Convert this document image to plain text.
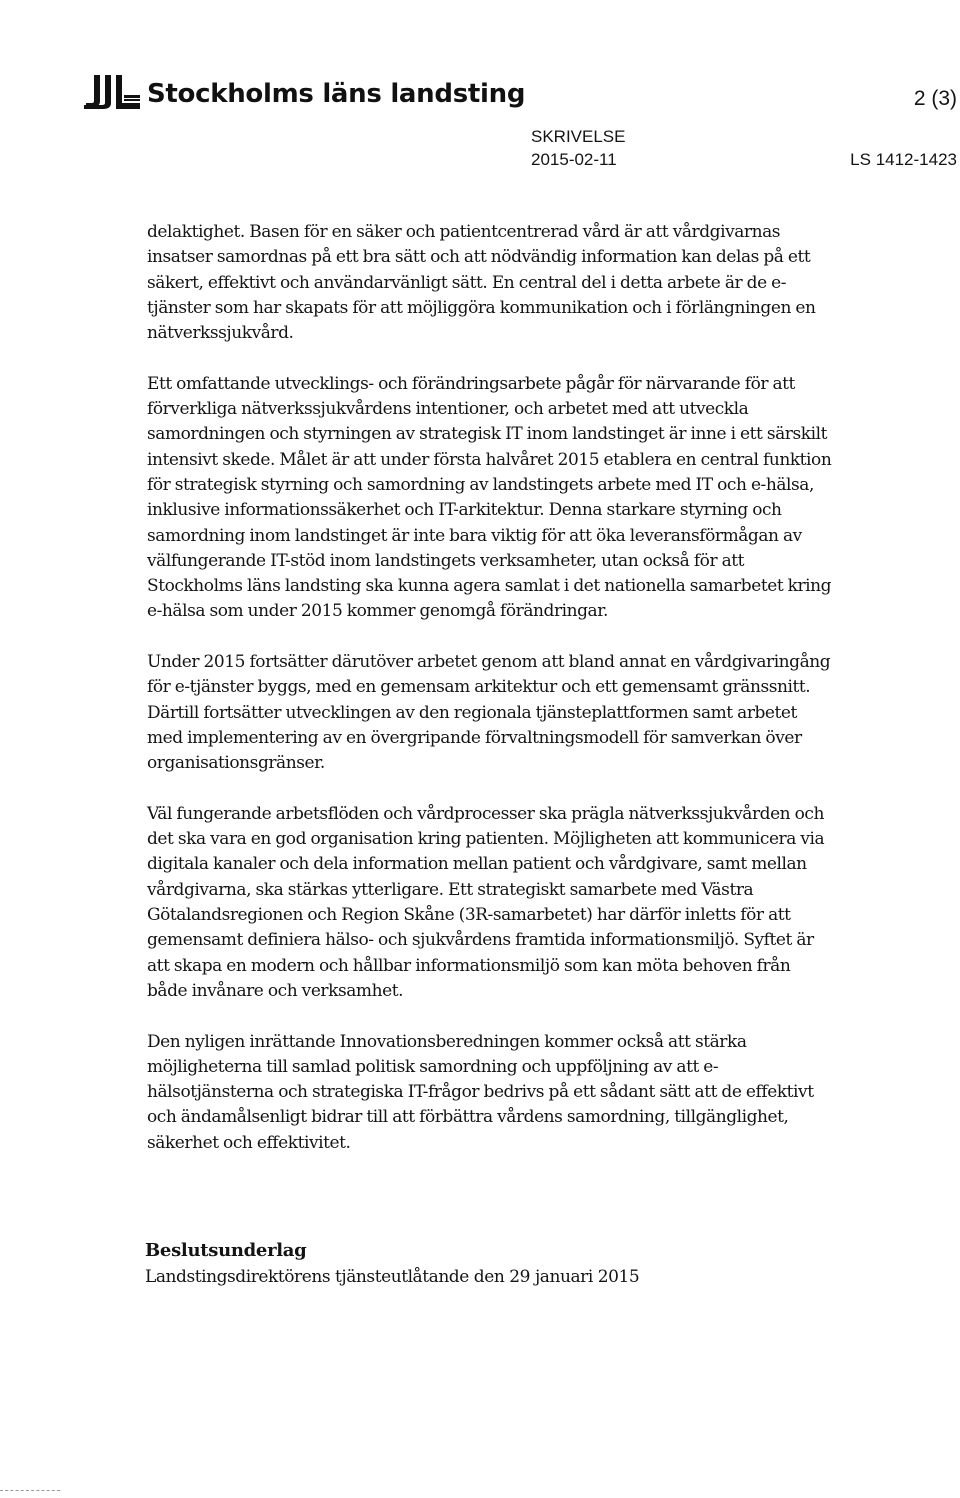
Stockholms läns landsting	2 (3)
SKRIVELSE
2015-02-11	LS 1412-1423

delaktighet. Basen för en säker och patientcentrerad vård är att vårdgivarnas insatser samordnas på ett bra sätt och att nödvändig information kan delas på ett säkert, effektivt och användarvänligt sätt. En central del i detta arbete är de e-tjänster som har skapats för att möjliggöra kommunikation och i förlängningen en nätverkssjukvård.

Ett omfattande utvecklings- och förändringsarbete pågår för närvarande för att förverkliga nätverkssjukvårdens intentioner, och arbetet med att utveckla samordningen och styrningen av strategisk IT inom landstinget är inne i ett särskilt intensivt skede. Målet är att under första halvåret 2015 etablera en central funktion för strategisk styrning och samordning av landstingets arbete med IT och e-hälsa, inklusive informationssäkerhet och IT-arkitektur. Denna starkare styrning och samordning inom landstinget är inte bara viktig för att öka leveransförmågan av välfungerande IT-stöd inom landstingets verksamheter, utan också för att Stockholms läns landsting ska kunna agera samlat i det nationella samarbetet kring e-hälsa som under 2015 kommer genomgå förändringar.

Under 2015 fortsätter därutöver arbetet genom att bland annat en vårdgivaringång för e-tjänster byggs, med en gemensam arkitektur och ett gemensamt gränssnitt. Därtill fortsätter utvecklingen av den regionala tjänsteplattformen samt arbetet med implementering av en övergripande förvaltningsmodell för samverkan över organisationsgränser.

Väl fungerande arbetsflöden och vårdprocesser ska prägla nätverkssjukvården och det ska vara en god organisation kring patienten. Möjligheten att kommunicera via digitala kanaler och dela information mellan patient och vårdgivare, samt mellan vårdgivarna, ska stärkas ytterligare. Ett strategiskt samarbete med Västra Götalandsregionen och Region Skåne (3R-samarbetet) har därför inletts för att gemensamt definiera hälso- och sjukvårdens framtida informationsmiljö. Syftet är att skapa en modern och hållbar informationsmiljö som kan möta behoven från både invånare och verksamhet.

Den nyligen inrättande Innovationsberedningen kommer också att stärka möjligheterna till samlad politisk samordning och uppföljning av att e-hälsotjänsterna och strategiska IT-frågor bedrivs på ett sådant sätt att de effektivt och ändamålsenligt bidrar till att förbättra vårdens samordning, tillgänglighet, säkerhet och effektivitet.

Beslutsunderlag
Landstingsdirektörens tjänsteutlåtande den 29 januari 2015
